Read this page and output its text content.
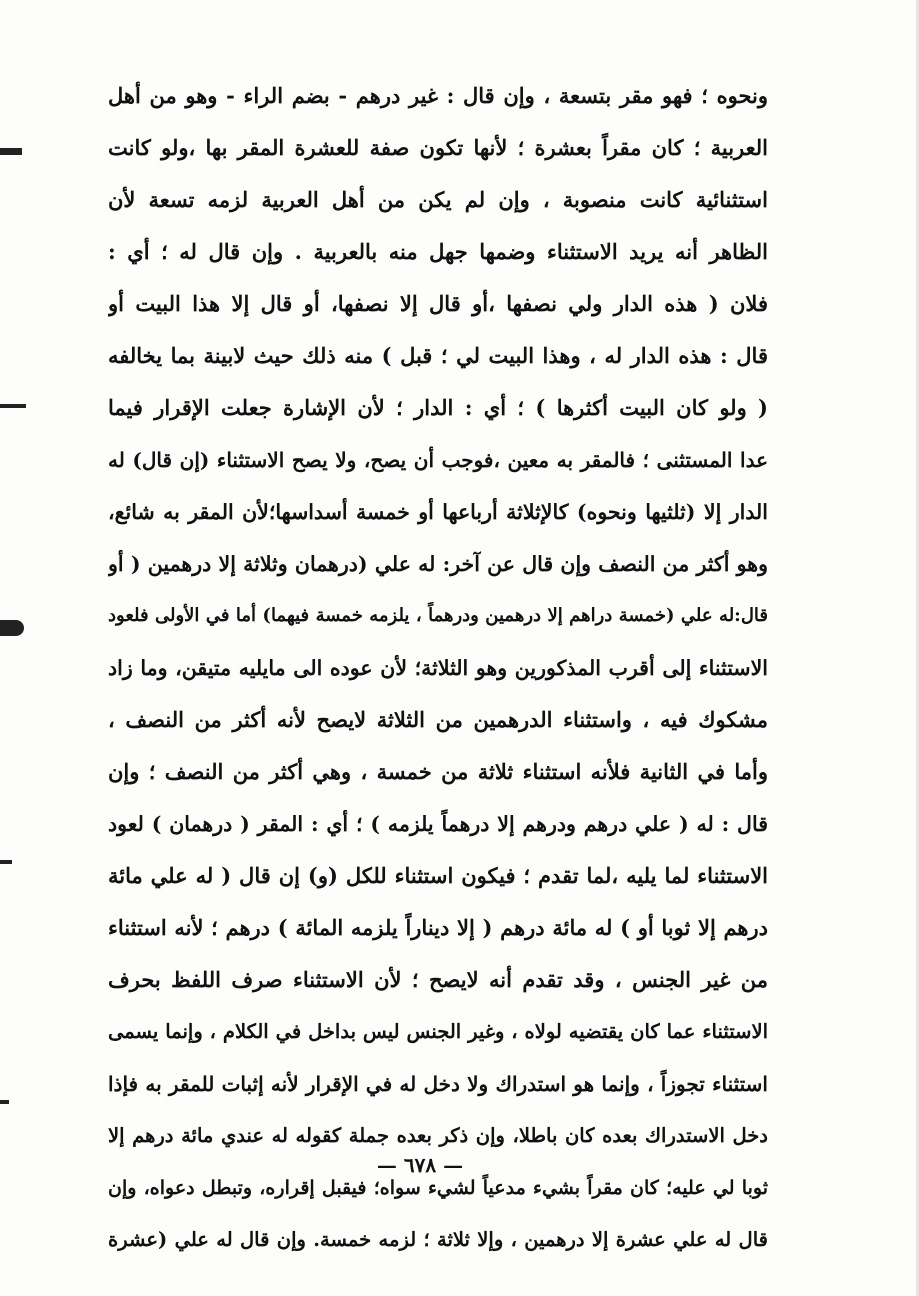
ونحوه ؛ فهو مقر بتسعة ، وإن قال : غير درهم - بضم الراء - وهو من أهل
العربية ؛ كان مقراً بعشرة ؛ لأنها تكون صفة للعشرة المقر بها ،ولو كانت
استثنائية كانت منصوبة ، وإن لم يكن من أهل العربية لزمه تسعة لأن
الظاهر أنه يريد الاستثناء وضمها جهل منه بالعربية . وإن قال له ؛ أي :
فلان ( هذه الدار ولي نصفها ،أو قال إلا نصفها، أو قال إلا هذا البيت أو
قال : هذه الدار له ، وهذا البيت لي ؛ قبل ) منه ذلك حيث لابينة بما يخالفه
( ولو كان البيت أكثرها ) ؛ أي : الدار ؛ لأن الإشارة جعلت الإقرار فيما
عدا المستثنى ؛ فالمقر به معين ،فوجب أن يصح، ولا يصح الاستثناء (إن قال) له
الدار إلا (ثلثيها ونحوه) كالإثلاثة أرباعها أو خمسة أسداسها؛لأن المقر به شائع،
وهو أكثر من النصف وإن قال عن آخر: له علي (درهمان وثلاثة إلا درهمين ( أو
قال:له علي (خمسة دراهم إلا درهمين ودرهماً ، يلزمه خمسة فيهما) أما في الأولى فلعود
الاستثناء إلى أقرب المذكورين وهو الثلاثة؛ لأن عوده الى مايليه متيقن، وما زاد
مشكوك فيه ، واستثناء الدرهمين من الثلاثة لايصح لأنه أكثر من النصف ،
وأما في الثانية فلأنه استثناء ثلاثة من خمسة ، وهي أكثر من النصف ؛ وإن
قال : له ( علي درهم ودرهم إلا درهماً يلزمه ) ؛ أي : المقر ( درهمان ) لعود
الاستثناء لما يليه ،لما تقدم ؛ فيكون استثناء للكل (و) إن قال ( له علي مائة
درهم إلا ثوبا أو ) له مائة درهم ( إلا ديناراً يلزمه المائة ) درهم ؛ لأنه استثناء
من غير الجنس ، وقد تقدم أنه لايصح ؛ لأن الاستثناء صرف اللفظ بحرف
الاستثناء عما كان يقتضيه لولاه ، وغير الجنس ليس بداخل في الكلام ، وإنما يسمى
استثناء تجوزاً ، وإنما هو استدراك ولا دخل له في الإقرار لأنه إثبات للمقر به فإذا
دخل الاستدراك بعده كان باطلا، وإن ذكر بعده جملة كقوله له عندي مائة درهم إلا
ثوبا لي عليه؛ كان مقراً بشيء مدعياً لشيء سواه؛ فيقبل إقراره، وتبطل دعواه، وإن
قال له علي عشرة إلا درهمين ، وإلا ثلاثة ؛ لزمه خمسة. وإن قال له علي (عشرة
— ٦٧٨ —
